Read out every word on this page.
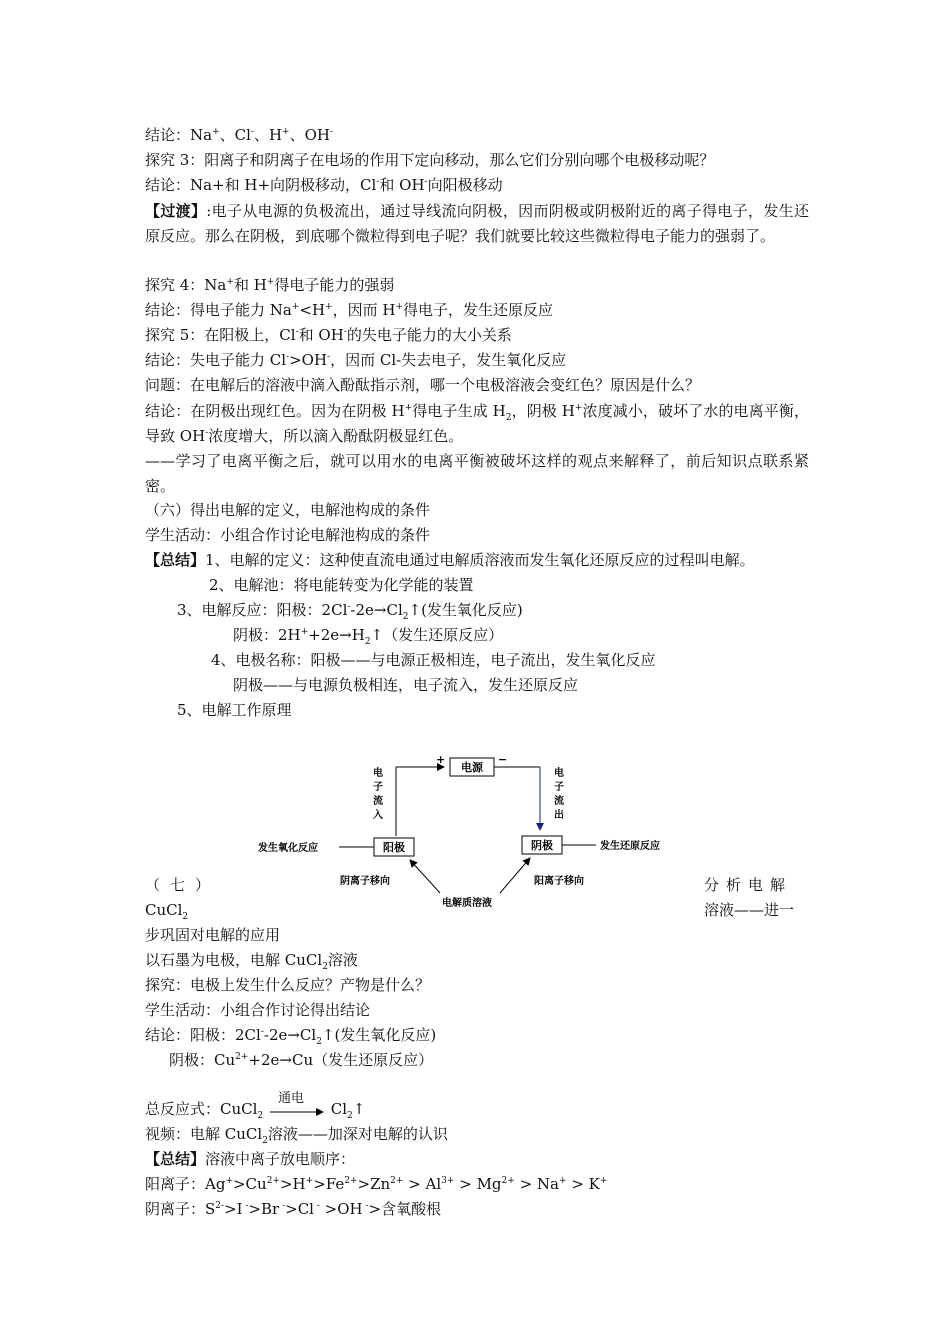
结论：Na+、Cl-、H+、OH-
探究 3：阳离子和阴离子在电场的作用下定向移动，那么它们分别向哪个电极移动呢？
结论：Na+和 H+向阴极移动，Cl-和 OH-向阳极移动
【过渡】:电子从电源的负极流出，通过导线流向阴极，因而阴极或阴极附近的离子得电子，发生还原反应。那么在阴极，到底哪个微粒得到电子呢？我们就要比较这些微粒得电子能力的强弱了。
探究 4：Na+和 H+得电子能力的强弱
结论：得电子能力 Na+<H+，因而 H+得电子，发生还原反应
探究 5：在阳极上，Cl-和 OH-的失电子能力的大小关系
结论：失电子能力 Cl->OH-，因而 Cl-失去电子，发生氧化反应
问题：在电解后的溶液中滴入酚酞指示剂，哪一个电极溶液会变红色？原因是什么？
结论：在阴极出现红色。因为在阴极 H+得电子生成 $H_2$，阴极 H+浓度减小，破坏了水的电离平衡，导致 OH-浓度增大，所以滴入酚酞阴极显红色。
——学习了电离平衡之后，就可以用水的电离平衡被破坏这样的观点来解释了，前后知识点联系紧密。
（六）得出电解的定义，电解池构成的条件
学生活动：小组合作讨论电解池构成的条件
【总结】1、电解的定义：这种使直流电通过电解质溶液而发生氧化还原反应的过程叫电解。
2、电解池：将电能转变为化学能的装置
3、电解反应：阳极：$2Cl^--2e\to Cl_2↑$(发生氧化反应)
阴极：$2H^++2e\to H_2↑$（发生还原反应）
4、电极名称：阳极——与电源正极相连，电子流出，发生氧化反应
阴极——与电源负极相连，电子流入，发生还原反应
5、电解工作原理
电源
+	−
电
子
流
入
电
子
流
出
阳极	阴极
发生氧化反应	发生还原反应
阴离子移向	阳离子移向
电解质溶液
（七）	分析电解
CuCl$_2$	溶液——进一
步巩固对电解的应用
以石墨为电极，电解 CuCl$_2$溶液
探究：电极上发生什么反应？产物是什么？
学生活动：小组合作讨论得出结论
结论：阳极：$2Cl^--2e\to Cl_2↑$(发生氧化反应)
阴极：$Cu^{2+}+2e\to Cu$（发生还原反应）
总反应式：CuCl$_2$
通电
$Cl_2↑$
视频：电解 CuCl$_2$溶液——加深对电解的认识
【总结】溶液中离子放电顺序：
阳离子：$Ag^+>Cu^{2+}>H^+>Fe^{2+}>Zn^{2+} > Al^{3+} > Mg^{2+} > Na^+ > K^+$
阴离子：$S^{2-}>I$ ->Br ->Cl - >OH ->含氧酸根
